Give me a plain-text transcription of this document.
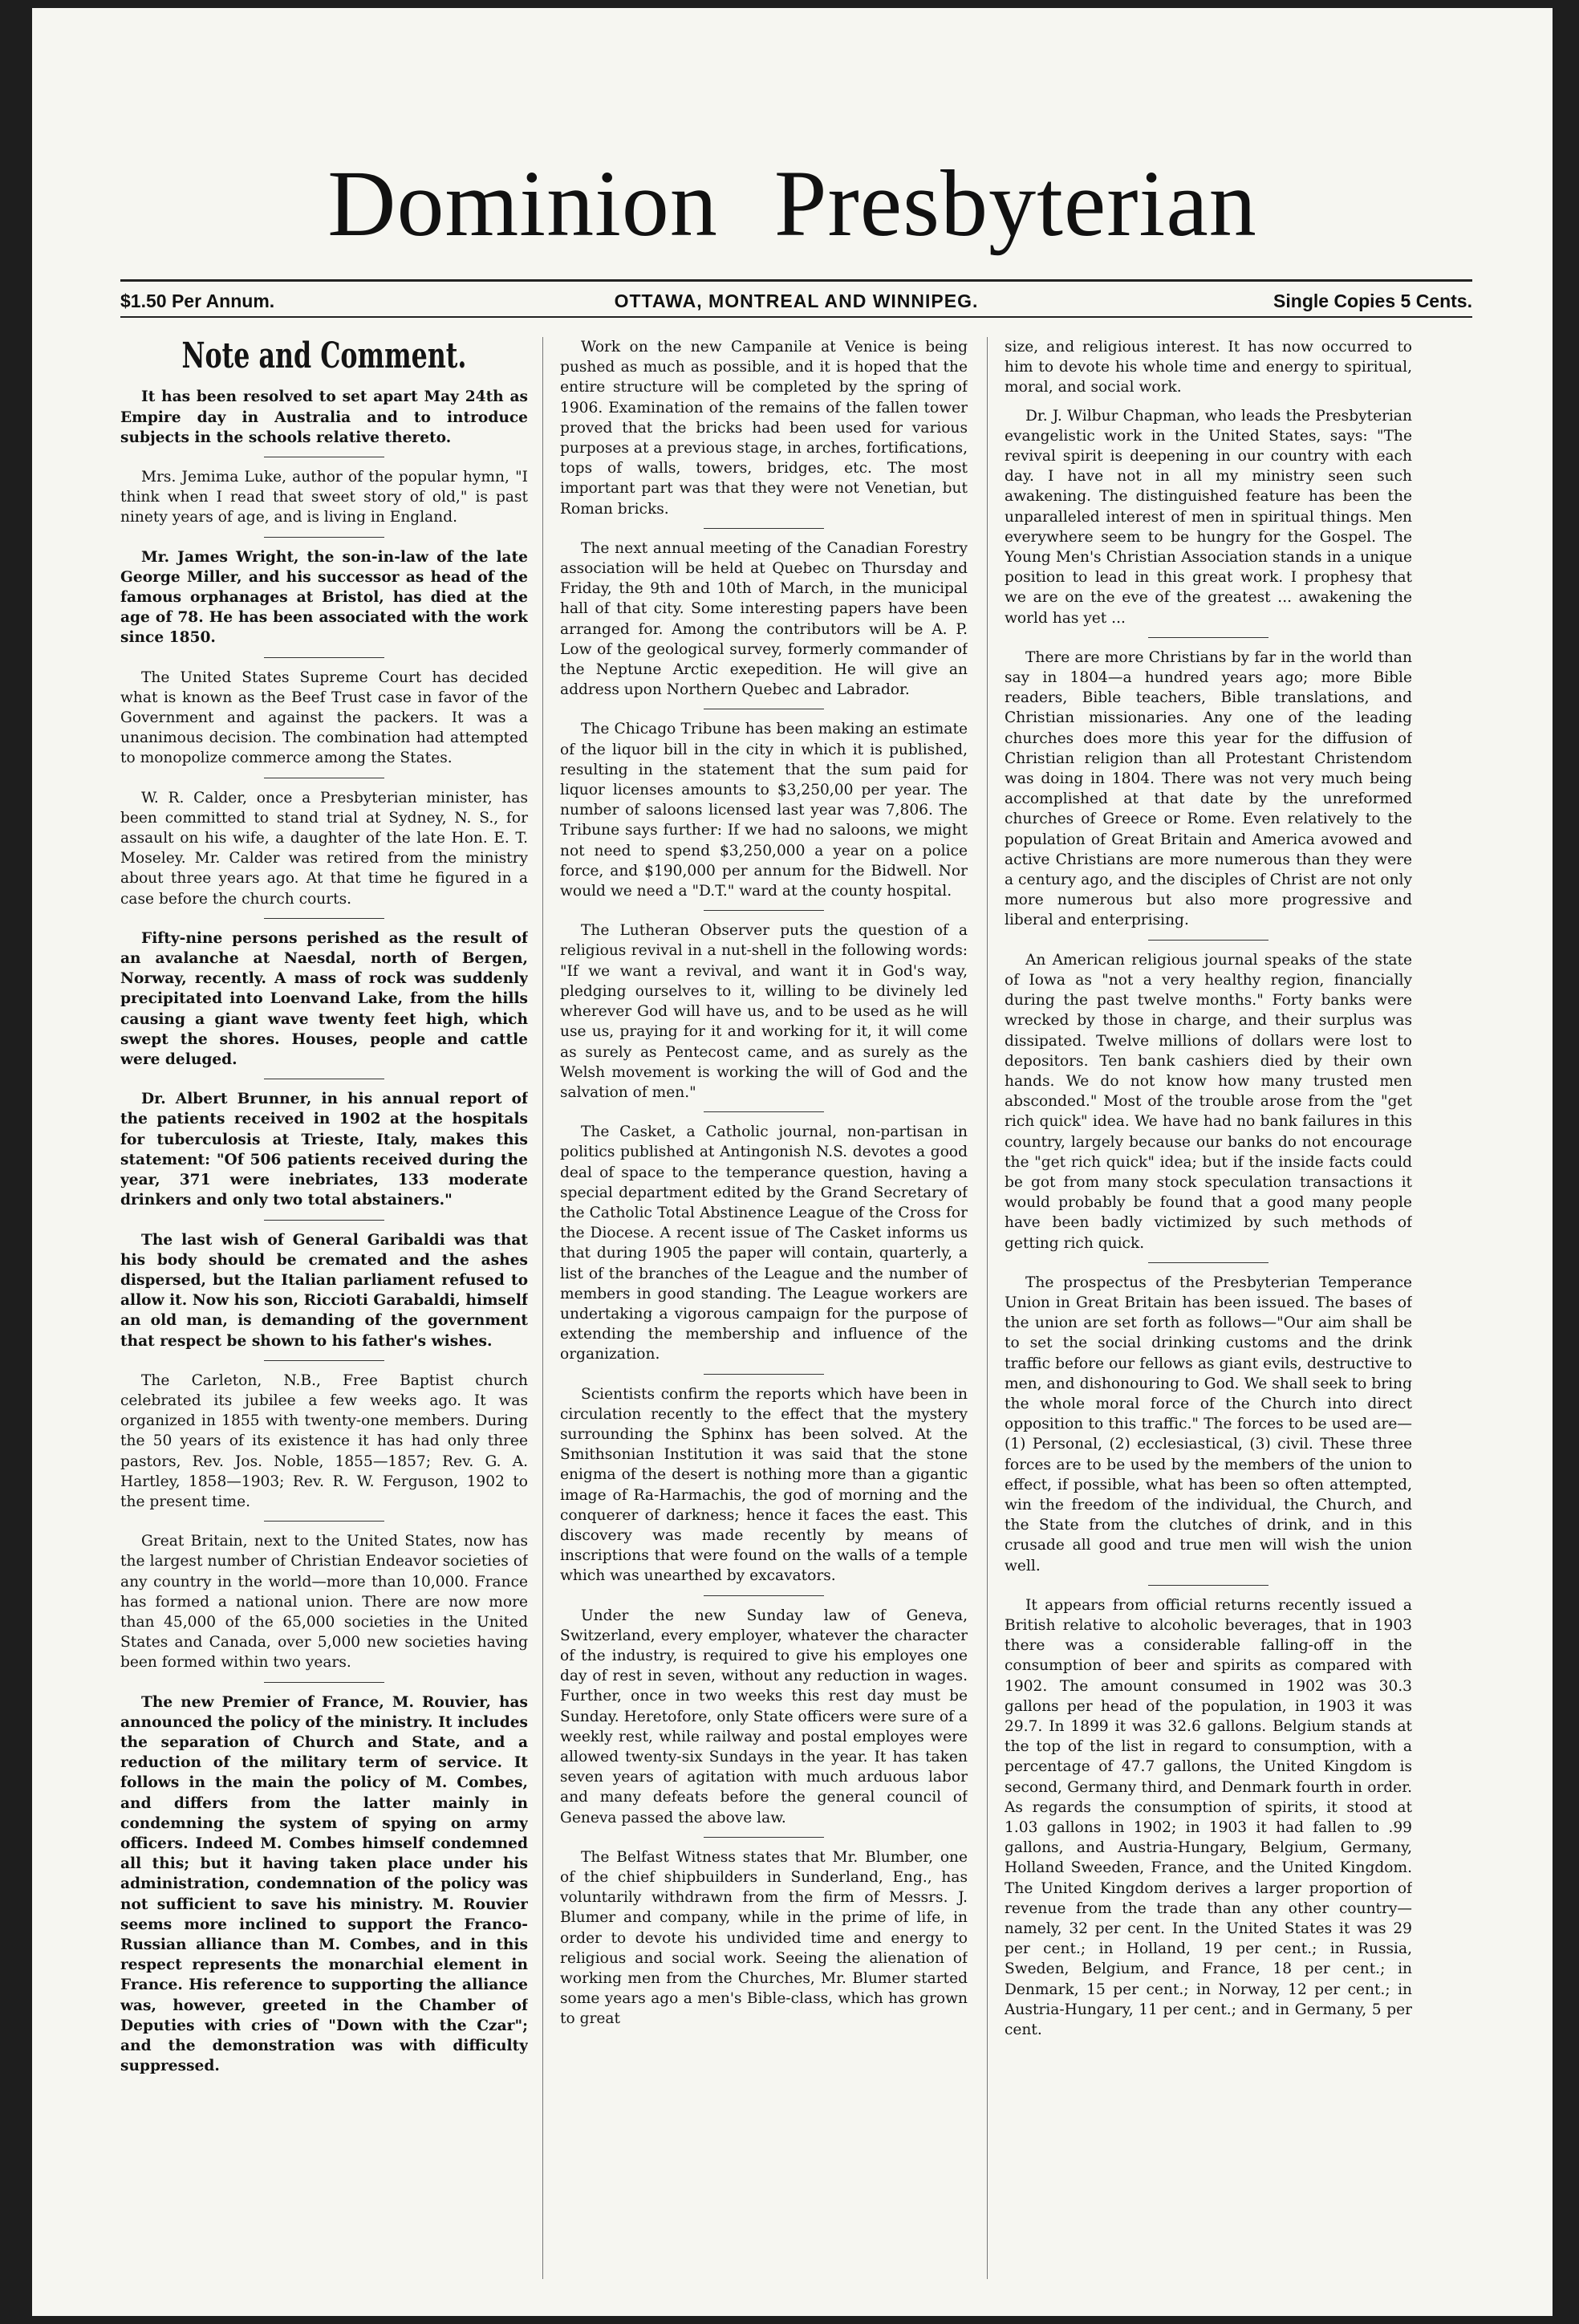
Dominion Presbyterian
$1.50 Per Annum.	OTTAWA, MONTREAL AND WINNIPEG.	Single Copies 5 Cents.
Note and Comment.

It has been resolved to set apart May 24th as Empire day in Australia and to introduce subjects in the schools relative thereto.

Mrs. Jemima Luke, author of the popular hymn, "I think when I read that sweet story of old," is past ninety years of age, and is living in England.

Mr. James Wright, the son-in-law of the late George Miller, and his successor as head of the famous orphanages at Bristol, has died at the age of 78. He has been associated with the work since 1850.

The United States Supreme Court has decided what is known as the Beef Trust case in favor of the Government and against the packers. It was a unanimous decision. The combination had attempted to monopolize commerce among the States.

W. R. Calder, once a Presbyterian minister, has been committed to stand trial at Sydney, N. S., for assault on his wife, a daughter of the late Hon. E. T. Moseley. Mr. Calder was retired from the ministry about three years ago. At that time he figured in a case before the church courts.

Fifty-nine persons perished as the result of an avalanche at Naesdal, north of Bergen, Norway, recently. A mass of rock was suddenly precipitated into Loenvand Lake, from the hills causing a giant wave twenty feet high, which swept the shores. Houses, people and cattle were deluged.

Dr. Albert Brunner, in his annual report of the patients received in 1902 at the hospitals for tuberculosis at Trieste, Italy, makes this statement: "Of 506 patients received during the year, 371 were inebriates, 133 moderate drinkers and only two total abstainers."

The last wish of General Garibaldi was that his body should be cremated and the ashes dispersed, but the Italian parliament refused to allow it. Now his son, Riccioti Garabaldi, himself an old man, is demanding of the government that respect be shown to his father's wishes.

The Carleton, N.B., Free Baptist church celebrated its jubilee a few weeks ago. It was organized in 1855 with twenty-one members. During the 50 years of its existence it has had only three pastors, Rev. Jos. Noble, 1855—1857; Rev. G. A. Hartley, 1858—1903; Rev. R. W. Ferguson, 1902 to the present time.

Great Britain, next to the United States, now has the largest number of Christian Endeavor societies of any country in the world—more than 10,000. France has formed a national union. There are now more than 45,000 of the 65,000 societies in the United States and Canada, over 5,000 new societies having been formed within two years.

The new Premier of France, M. Rouvier, has announced the policy of the ministry. It includes the separation of Church and State, and a reduction of the military term of service. It follows in the main the policy of M. Combes, and differs from the latter mainly in condemning the system of spying on army officers. Indeed M. Combes himself condemned all this; but it having taken place under his administration, condemnation of the policy was not sufficient to save his ministry. M. Rouvier seems more inclined to support the Franco-Russian alliance than M. Combes, and in this respect represents the monarchial element in France. His reference to supporting the alliance was, however, greeted in the Chamber of Deputies with cries of "Down with the Czar"; and the demonstration was with difficulty suppressed.

Work on the new Campanile at Venice is being pushed as much as possible, and it is hoped that the entire structure will be completed by the spring of 1906. Examination of the remains of the fallen tower proved that the bricks had been used for various purposes at a previous stage, in arches, fortifications, tops of walls, towers, bridges, etc. The most important part was that they were not Venetian, but Roman bricks.

The next annual meeting of the Canadian Forestry association will be held at Quebec on Thursday and Friday, the 9th and 10th of March, in the municipal hall of that city. Some interesting papers have been arranged for. Among the contributors will be A. P. Low of the geological survey, formerly commander of the Neptune Arctic exepedition. He will give an address upon Northern Quebec and Labrador.

The Chicago Tribune has been making an estimate of the liquor bill in the city in which it is published, resulting in the statement that the sum paid for liquor licenses amounts to $3,250,00 per year. The number of saloons licensed last year was 7,806. The Tribune says further: If we had no saloons, we might not need to spend $3,250,000 a year on a police force, and $190,000 per annum for the Bidwell. Nor would we need a "D.T." ward at the county hospital.

The Lutheran Observer puts the question of a religious revival in a nut-shell in the following words: "If we want a revival, and want it in God's way, pledging ourselves to it, willing to be divinely led wherever God will have us, and to be used as he will use us, praying for it and working for it, it will come as surely as Pentecost came, and as surely as the Welsh movement is working the will of God and the salvation of men."

The Casket, a Catholic journal, non-partisan in politics published at Antingonish N.S. devotes a good deal of space to the temperance question, having a special department edited by the Grand Secretary of the Catholic Total Abstinence League of the Cross for the Diocese. A recent issue of The Casket informs us that during 1905 the paper will contain, quarterly, a list of the branches of the League and the number of members in good standing. The League workers are undertaking a vigorous campaign for the purpose of extending the membership and influence of the organization.

Scientists confirm the reports which have been in circulation recently to the effect that the mystery surrounding the Sphinx has been solved. At the Smithsonian Institution it was said that the stone enigma of the desert is nothing more than a gigantic image of Ra-Harmachis, the god of morning and the conquerer of darkness; hence it faces the east. This discovery was made recently by means of inscriptions that were found on the walls of a temple which was unearthed by excavators.

Under the new Sunday law of Geneva, Switzerland, every employer, whatever the character of the industry, is required to give his employes one day of rest in seven, without any reduction in wages. Further, once in two weeks this rest day must be Sunday. Heretofore, only State officers were sure of a weekly rest, while railway and postal employes were allowed twenty-six Sundays in the year. It has taken seven years of agitation with much arduous labor and many defeats before the general council of Geneva passed the above law.

The Belfast Witness states that Mr. Blumber, one of the chief shipbuilders in Sunderland, Eng., has voluntarily withdrawn from the firm of Messrs. J. Blumer and company, while in the prime of life, in order to devote his undivided time and energy to religious and social work. Seeing the alienation of working men from the Churches, Mr. Blumer started some years ago a men's Bible-class, which has grown to great

size, and religious interest. It has now occurred to him to devote his whole time and energy to spiritual, moral, and social work.

Dr. J. Wilbur Chapman, who leads the Presbyterian evangelistic work in the United States, says: "The revival spirit is deepening in our country with each day. I have not in all my ministry seen such awakening. The distinguished feature has been the unparalleled interest of men in spiritual things. Men everywhere seem to be hungry for the Gospel. The Young Men's Christian Association stands in a unique position to lead in this great work. I prophesy that we are on the eve of the greatest ... awakening the world has yet ...

There are more Christians by far in the world than say in 1804—a hundred years ago; more Bible readers, Bible teachers, Bible translations, and Christian missionaries. Any one of the leading churches does more this year for the diffusion of Christian religion than all Protestant Christendom was doing in 1804. There was not very much being accomplished at that date by the unreformed churches of Greece or Rome. Even relatively to the population of Great Britain and America avowed and active Christians are more numerous than they were a century ago, and the disciples of Christ are not only more numerous but also more progressive and liberal and enterprising.

An American religious journal speaks of the state of Iowa as "not a very healthy region, financially during the past twelve months." Forty banks were wrecked by those in charge, and their surplus was dissipated. Twelve millions of dollars were lost to depositors. Ten bank cashiers died by their own hands. We do not know how many trusted men absconded." Most of the trouble arose from the "get rich quick" idea. We have had no bank failures in this country, largely because our banks do not encourage the "get rich quick" idea; but if the inside facts could be got from many stock speculation transactions it would probably be found that a good many people have been badly victimized by such methods of getting rich quick.

The prospectus of the Presbyterian Temperance Union in Great Britain has been issued. The bases of the union are set forth as follows—"Our aim shall be to set the social drinking customs and the drink traffic before our fellows as giant evils, destructive to men, and dishonouring to God. We shall seek to bring the whole moral force of the Church into direct opposition to this traffic." The forces to be used are—(1) Personal, (2) ecclesiastical, (3) civil. These three forces are to be used by the members of the union to effect, if possible, what has been so often attempted, win the freedom of the individual, the Church, and the State from the clutches of drink, and in this crusade all good and true men will wish the union well.

It appears from official returns recently issued a British relative to alcoholic beverages, that in 1903 there was a considerable falling-off in the consumption of beer and spirits as compared with 1902. The amount consumed in 1902 was 30.3 gallons per head of the population, in 1903 it was 29.7. In 1899 it was 32.6 gallons. Belgium stands at the top of the list in regard to consumption, with a percentage of 47.7 gallons, the United Kingdom is second, Germany third, and Denmark fourth in order. As regards the consumption of spirits, it stood at 1.03 gallons in 1902; in 1903 it had fallen to .99 gallons, and Austria-Hungary, Belgium, Germany, Holland Sweeden, France, and the United Kingdom. The United Kingdom derives a larger proportion of revenue from the trade than any other country—namely, 32 per cent. In the United States it was 29 per cent.; in Holland, 19 per cent.; in Russia, Sweden, Belgium, and France, 18 per cent.; in Denmark, 15 per cent.; in Norway, 12 per cent.; in Austria-Hungary, 11 per cent.; and in Germany, 5 per cent.
